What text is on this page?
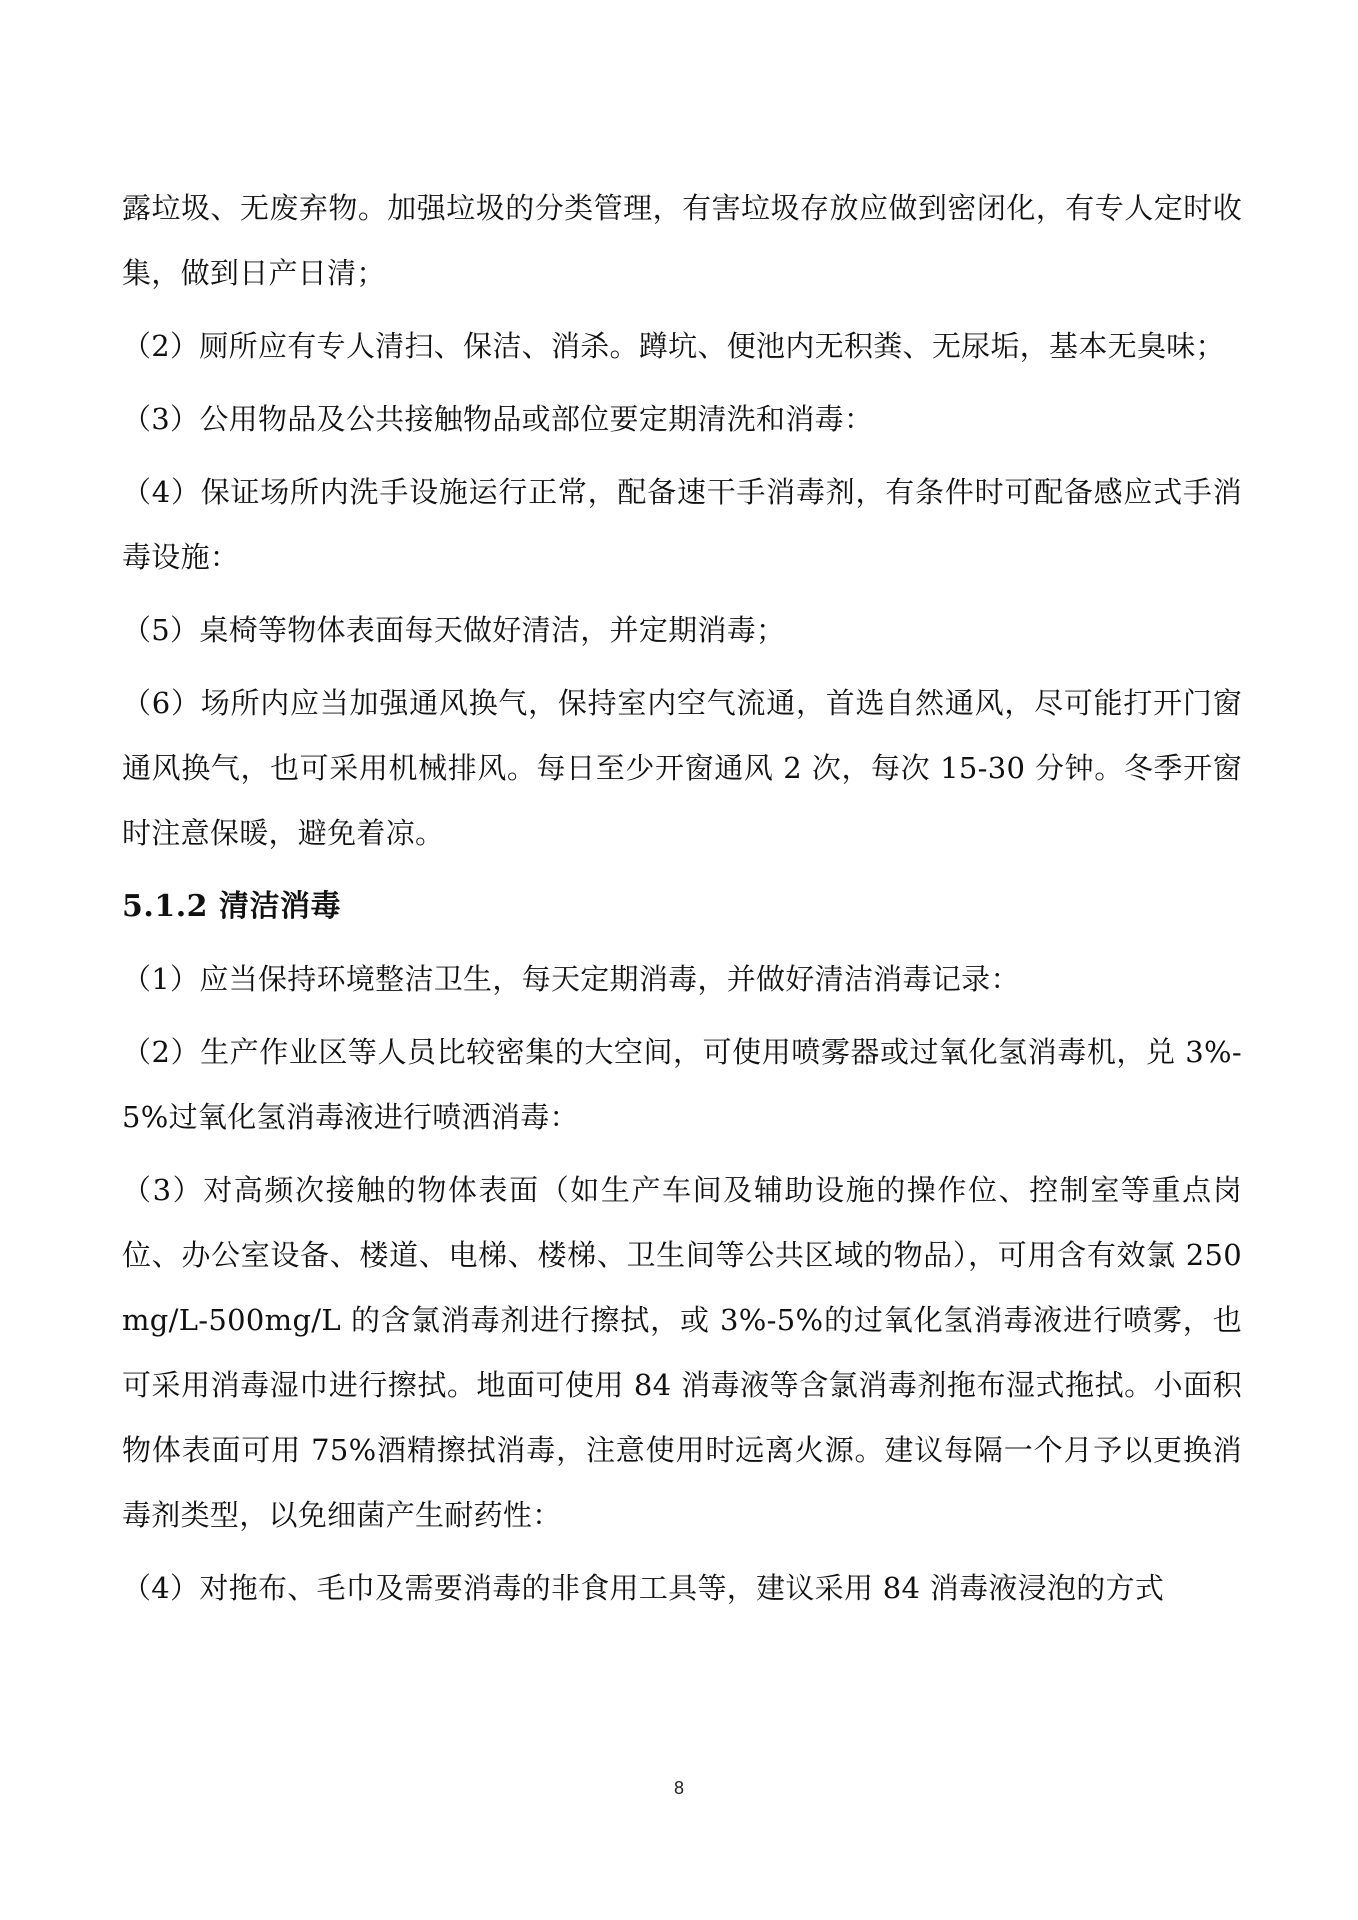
露垃圾、无废弃物。加强垃圾的分类管理，有害垃圾存放应做到密闭化，有专人定时收集，做到日产日清；

（2）厕所应有专人清扫、保洁、消杀。蹲坑、便池内无积粪、无尿垢，基本无臭味；

（3）公用物品及公共接触物品或部位要定期清洗和消毒：

（4）保证场所内洗手设施运行正常，配备速干手消毒剂，有条件时可配备感应式手消毒设施：

（5）桌椅等物体表面每天做好清洁，并定期消毒；

（6）场所内应当加强通风换气，保持室内空气流通，首选自然通风，尽可能打开门窗通风换气，也可采用机械排风。每日至少开窗通风 2 次，每次 15-30 分钟。冬季开窗时注意保暖，避免着凉。

5.1.2 清洁消毒

（1）应当保持环境整洁卫生，每天定期消毒，并做好清洁消毒记录：

（2）生产作业区等人员比较密集的大空间，可使用喷雾器或过氧化氢消毒机，兑 3%-5%过氧化氢消毒液进行喷洒消毒：

（3）对高频次接触的物体表面（如生产车间及辅助设施的操作位、控制室等重点岗位、办公室设备、楼道、电梯、楼梯、卫生间等公共区域的物品），可用含有效氯 250mg/L-500mg/L 的含氯消毒剂进行擦拭，或 3%-5%的过氧化氢消毒液进行喷雾，也可采用消毒湿巾进行擦拭。地面可使用 84 消毒液等含氯消毒剂拖布湿式拖拭。小面积物体表面可用 75%酒精擦拭消毒，注意使用时远离火源。建议每隔一个月予以更换消毒剂类型，以免细菌产生耐药性：

（4）对拖布、毛巾及需要消毒的非食用工具等，建议采用 84 消毒液浸泡的方式

8
